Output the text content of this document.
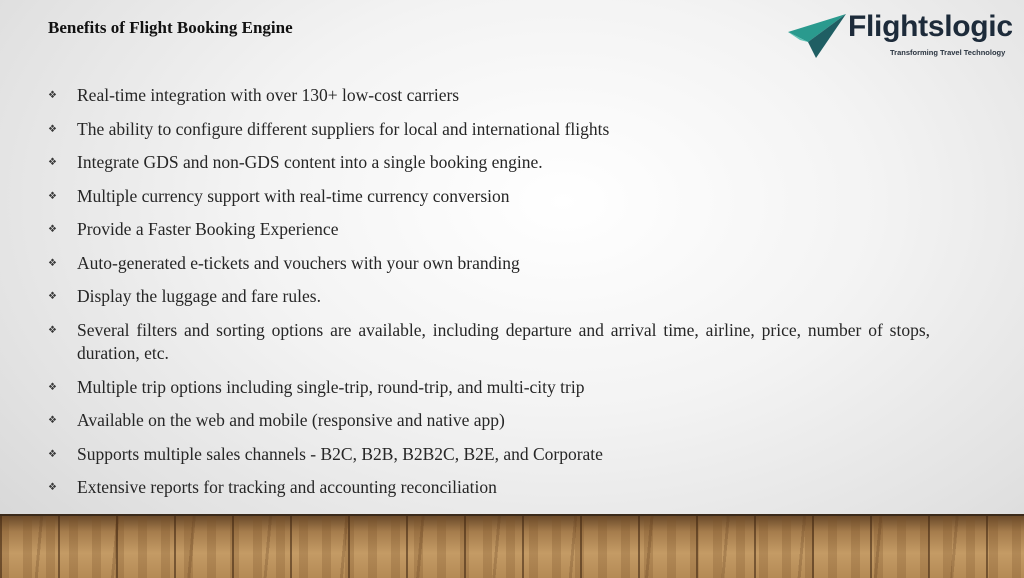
Benefits of Flight Booking Engine	Flightslogic
Transforming Travel Technology
❖ Real-time integration with over 130+ low-cost carriers
❖ The ability to configure different suppliers for local and international flights
❖ Integrate GDS and non-GDS content into a single booking engine.
❖ Multiple currency support with real-time currency conversion
❖ Provide a Faster Booking Experience
❖ Auto-generated e-tickets and vouchers with your own branding
❖ Display the luggage and fare rules.
❖ Several filters and sorting options are available, including departure and arrival time, airline, price, number of stops, duration, etc.
❖ Multiple trip options including single-trip, round-trip, and multi-city trip
❖ Available on the web and mobile (responsive and native app)
❖ Supports multiple sales channels - B2C, B2B, B2B2C, B2E, and Corporate
❖ Extensive reports for tracking and accounting reconciliation
